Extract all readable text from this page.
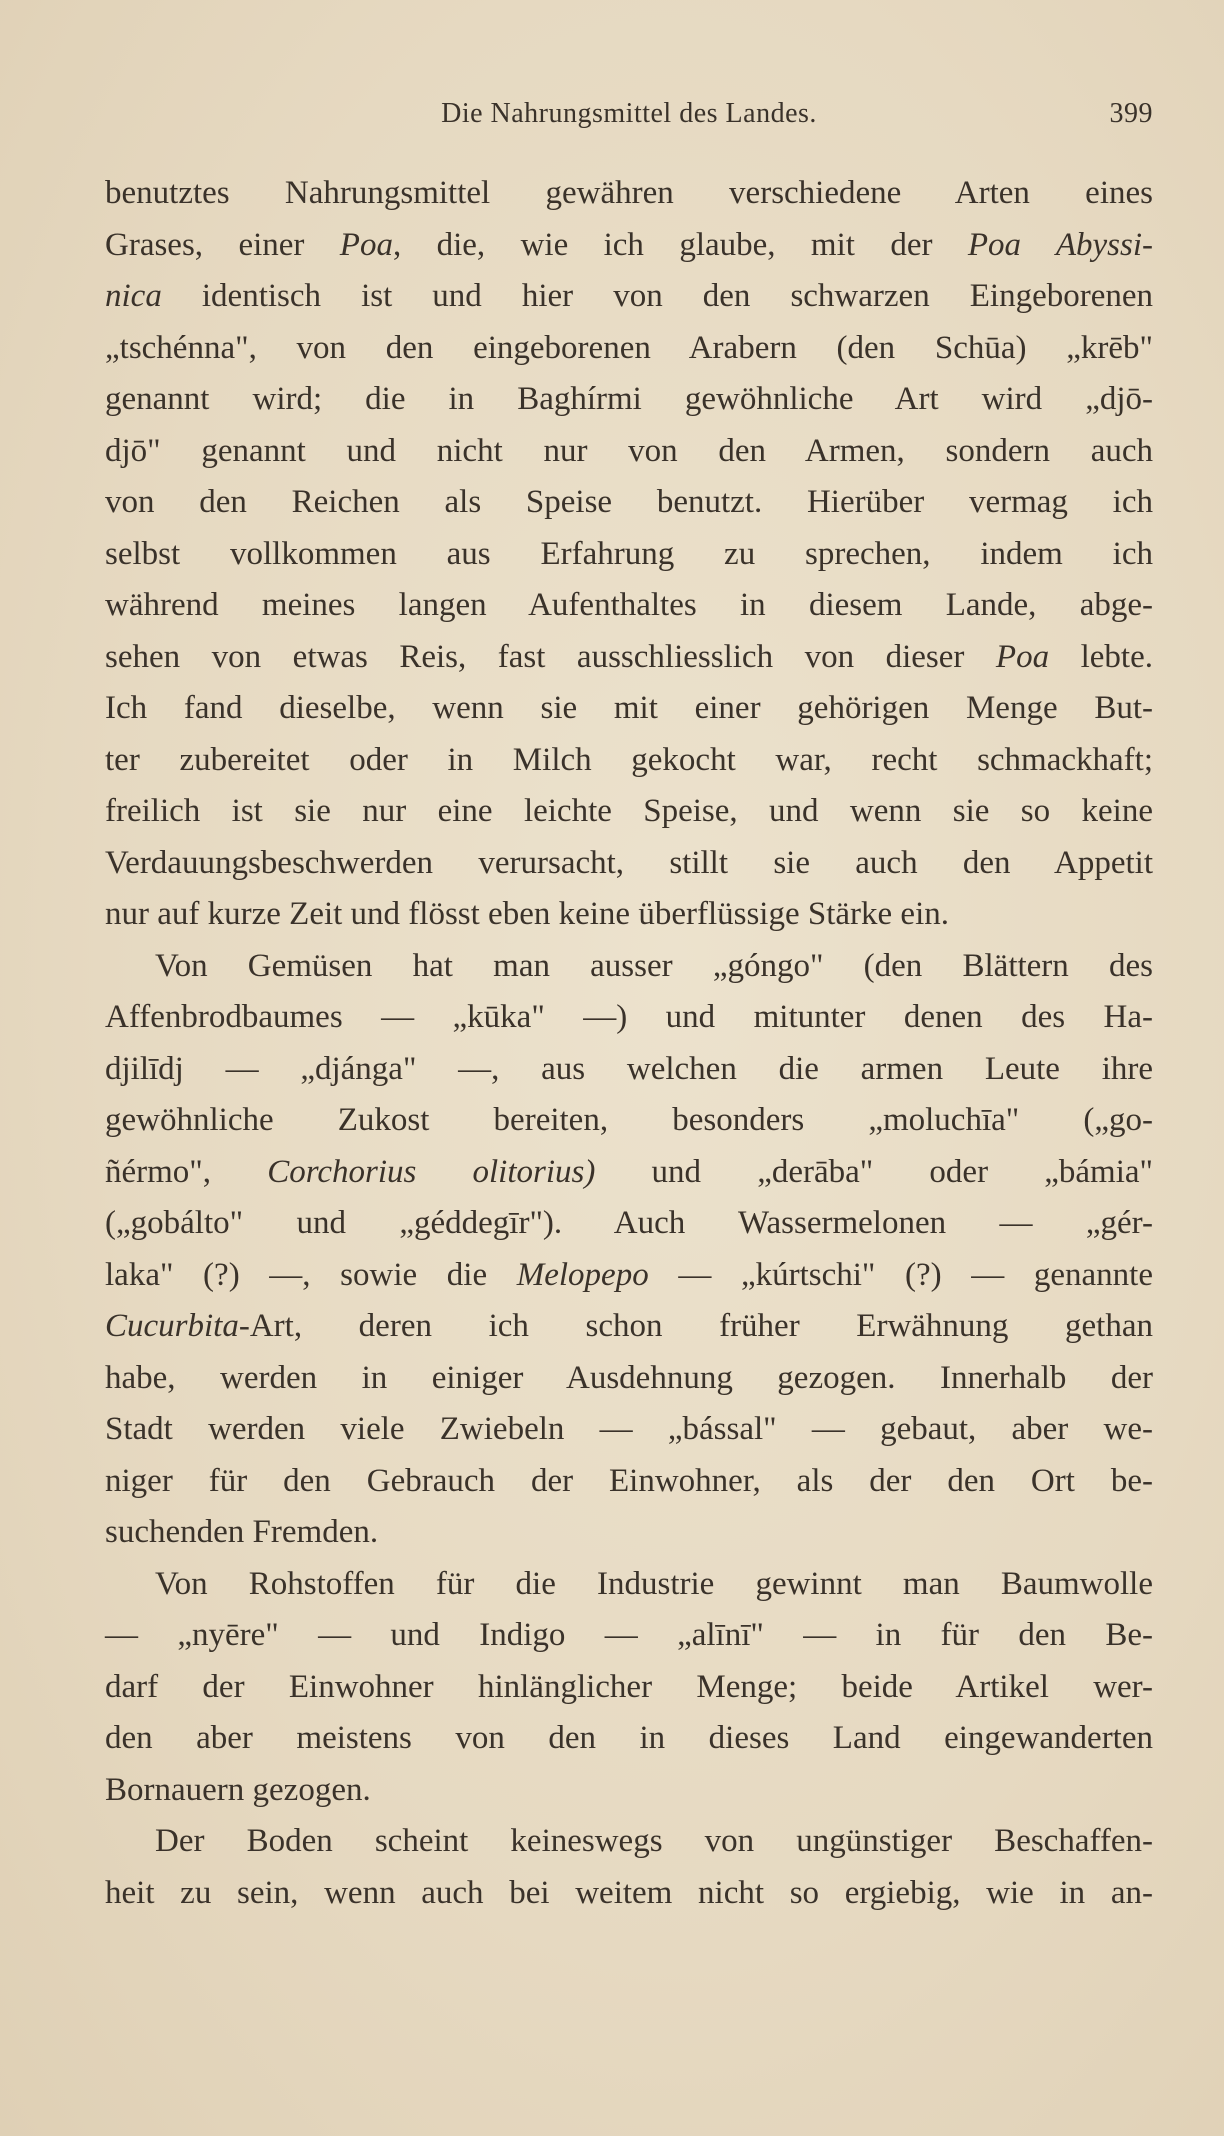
Die Nahrungsmittel des Landes.	399
benutztes Nahrungsmittel gewähren verschiedene Arten eines
Grases, einer Poa, die, wie ich glaube, mit der Poa Abyssi-
nica identisch ist und hier von den schwarzen Eingeborenen
„tschénna", von den eingeborenen Arabern (den Schūa) „krēb"
genannt wird; die in Baghírmi gewöhnliche Art wird „djō-
djō" genannt und nicht nur von den Armen, sondern auch
von den Reichen als Speise benutzt. Hierüber vermag ich
selbst vollkommen aus Erfahrung zu sprechen, indem ich
während meines langen Aufenthaltes in diesem Lande, abge-
sehen von etwas Reis, fast ausschliesslich von dieser Poa lebte.
Ich fand dieselbe, wenn sie mit einer gehörigen Menge But-
ter zubereitet oder in Milch gekocht war, recht schmackhaft;
freilich ist sie nur eine leichte Speise, und wenn sie so keine
Verdauungsbeschwerden verursacht, stillt sie auch den Appetit
nur auf kurze Zeit und flösst eben keine überflüssige Stärke ein.
Von Gemüsen hat man ausser „góngo" (den Blättern des
Affenbrodbaumes — „kūka" —) und mitunter denen des Ha-
djilīdj — „djánga" —, aus welchen die armen Leute ihre
gewöhnliche Zukost bereiten, besonders „moluchīa" („go-
ñérmo", Corchorius olitorius) und „derāba" oder „bámia"
(„gobálto" und „géddegīr"). Auch Wassermelonen — „gér-
laka" (?) —, sowie die Melopepo — „kúrtschi" (?) — genannte
Cucurbita-Art, deren ich schon früher Erwähnung gethan
habe, werden in einiger Ausdehnung gezogen. Innerhalb der
Stadt werden viele Zwiebeln — „bással" — gebaut, aber we-
niger für den Gebrauch der Einwohner, als der den Ort be-
suchenden Fremden.
Von Rohstoffen für die Industrie gewinnt man Baumwolle
— „nyēre" — und Indigo — „alīnī" — in für den Be-
darf der Einwohner hinlänglicher Menge; beide Artikel wer-
den aber meistens von den in dieses Land eingewanderten
Bornauern gezogen.
Der Boden scheint keineswegs von ungünstiger Beschaffen-
heit zu sein, wenn auch bei weitem nicht so ergiebig, wie in an-
